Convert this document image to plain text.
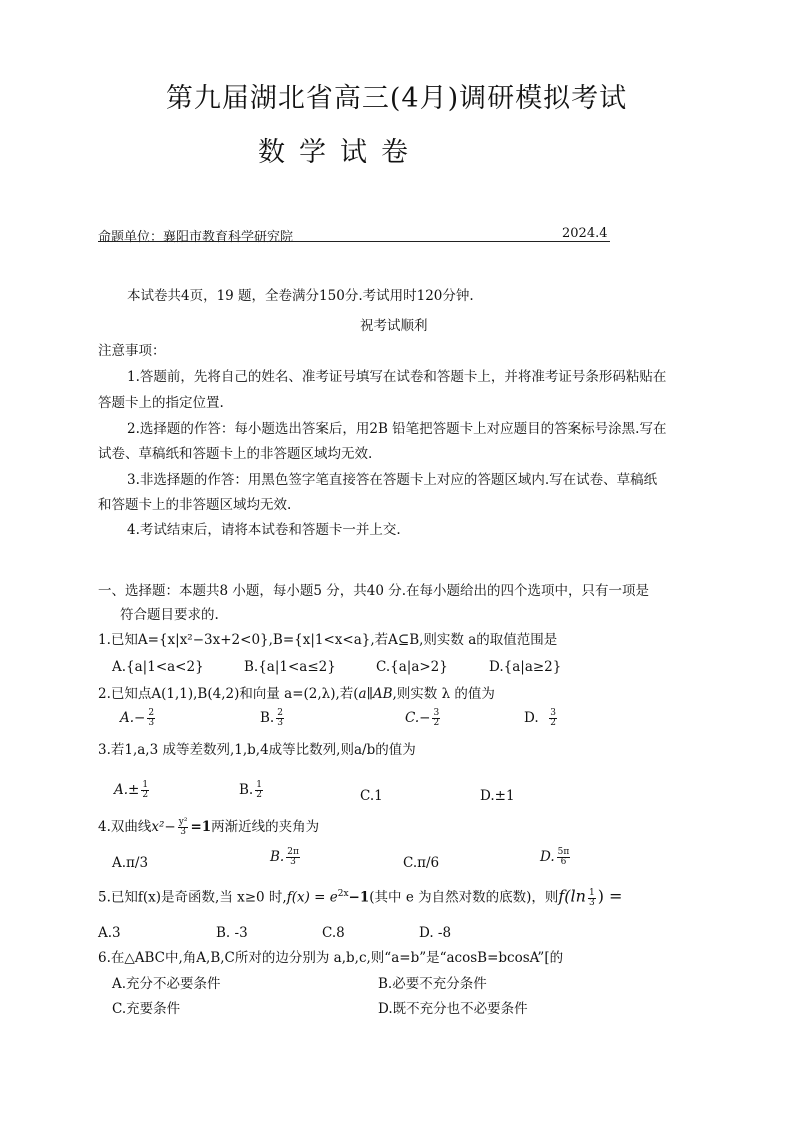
第九届湖北省高三(4月)调研模拟考试
数学试卷
命题单位：襄阳市教育科学研究院	2024.4
本试卷共4页，19 题，全卷满分150分.考试用时120分钟.
祝考试顺利
注意事项：
1.答题前，先将自己的姓名、准考证号填写在试卷和答题卡上，并将准考证号条形码粘贴在
答题卡上的指定位置.
2.选择题的作答：每小题选出答案后，用2B 铅笔把答题卡上对应题目的答案标号涂黑.写在
试卷、草稿纸和答题卡上的非答题区域均无效.
3.非选择题的作答：用黑色签字笔直接答在答题卡上对应的答题区域内.写在试卷、草稿纸
和答题卡上的非答题区域均无效.
4.考试结束后，请将本试卷和答题卡一并上交.
一、选择题：本题共8 小题，每小题5 分，共40 分.在每小题给出的四个选项中，只有一项是
符合题目要求的.
1.已知A={x|x²−3x+2<0},B={x|1<x<a},若A⊆B,则实数 a的取值范围是
A.{a|1<a<2}	B.{a|1<a≤2}	C.{a|a>2}	D.{a|a≥2}
2.已知点A(1,1),B(4,2)和向量 a=(2,λ),若(a∥AB,则实数 λ 的值为
$A.- \frac{2}{3}$	B. $\frac{2}{3}$	$C.- \frac{3}{2}$	D. $\frac{3}{2}$
3.若1,a,3 成等差数列,1,b,4成等比数列,则a/b的值为
$A.\pm \frac{1}{2}$	B. $\frac{1}{2}$	C.1	D.±1
4.双曲线$x^2- \frac{\text{y²}}{3} =1$两渐近线的夹角为
A.π/3	B. $\frac{2\pi}{3}$	C.π/6	D. $\frac{5\pi}{6}$
5.已知f(x)是奇函数,当 x≥0 时$,f(x) = e^{2x}-1$(其中 e 为自然对数的底数)，则$f(\ln \frac{1}{3}$ ) =
A.3	B. -3	C.8	D. -8
6.在△ABC中,角A,B,C所对的边分别为 a,b,c,则“a=b”是“acosB=bcosA”[的
A.充分不必要条件	B.必要不充分条件
C.充要条件	D.既不充分也不必要条件
